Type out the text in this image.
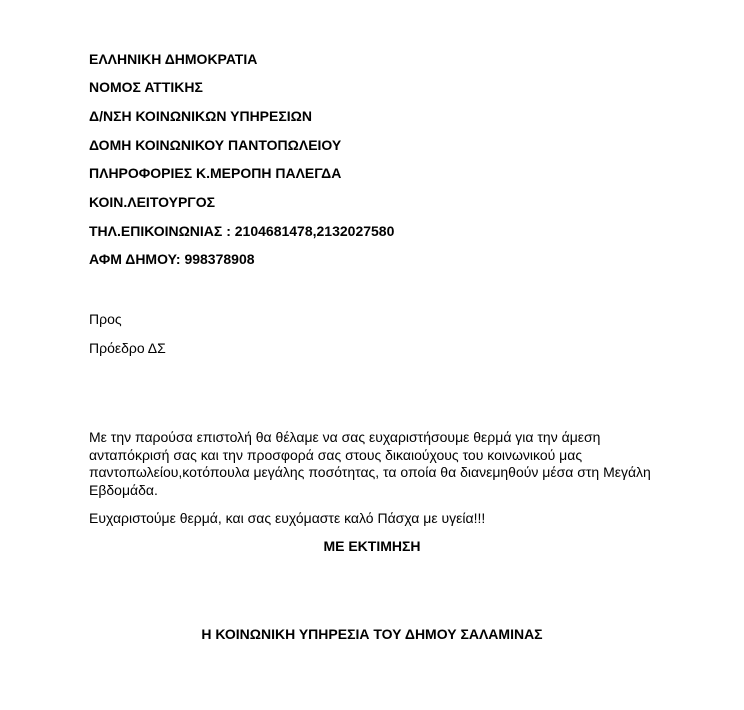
ΕΛΛΗΝΙΚΗ ΔΗΜΟΚΡΑΤΙΑ
ΝΟΜΟΣ ΑΤΤΙΚΗΣ
Δ/ΝΣΗ ΚΟΙΝΩΝΙΚΩΝ ΥΠΗΡΕΣΙΩΝ
ΔΟΜΗ ΚΟΙΝΩΝΙΚΟΥ ΠΑΝΤΟΠΩΛΕΙΟΥ
ΠΛΗΡΟΦΟΡΙΕΣ Κ.ΜΕΡΟΠΗ ΠΑΛΕΓΔΑ
ΚΟΙΝ.ΛΕΙΤΟΥΡΓΟΣ
ΤΗΛ.ΕΠΙΚΟΙΝΩΝΙΑΣ : 2104681478,2132027580
ΑΦΜ ΔΗΜΟΥ: 998378908
Προς
Πρόεδρο ΔΣ
Με την παρούσα επιστολή θα θέλαμε να σας ευχαριστήσουμε θερμά για την άμεση ανταπόκρισή σας και την προσφορά σας στους δικαιούχους του κοινωνικού μας παντοπωλείου,κοτόπουλα μεγάλης ποσότητας, τα οποία θα διανεμηθούν μέσα στη Μεγάλη Εβδομάδα.
Ευχαριστούμε θερμά, και σας ευχόμαστε καλό Πάσχα με υγεία!!!
ΜΕ ΕΚΤΙΜΗΣΗ
Η ΚΟΙΝΩΝΙΚΗ ΥΠΗΡΕΣΙΑ ΤΟΥ ΔΗΜΟΥ ΣΑΛΑΜΙΝΑΣ
